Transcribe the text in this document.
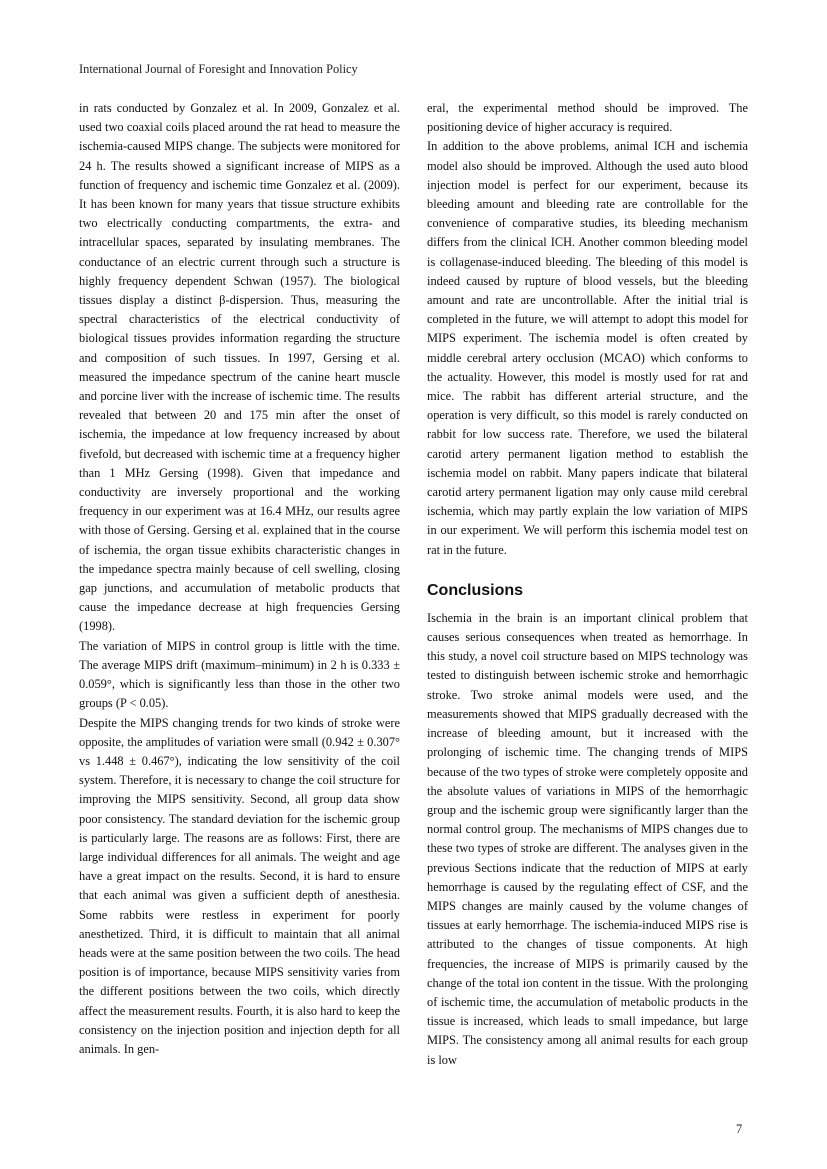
International Journal of Foresight and Innovation Policy

in rats conducted by Gonzalez et al. In 2009, Gonzalez et al. used two coaxial coils placed around the rat head to measure the ischemia-caused MIPS change. The subjects were monitored for 24 h. The results showed a significant increase of MIPS as a function of frequency and ischemic time Gonzalez et al. (2009). It has been known for many years that tissue structure exhibits two electrically conducting compartments, the extra- and intracellular spaces, separated by insulating membranes. The conductance of an electric current through such a structure is highly frequency dependent Schwan (1957). The biological tissues display a distinct β-dispersion. Thus, measuring the spectral characteristics of the electrical conductivity of biological tissues provides information regarding the structure and composition of such tissues. In 1997, Gersing et al. measured the impedance spectrum of the canine heart muscle and porcine liver with the increase of ischemic time. The results revealed that between 20 and 175 min after the onset of ischemia, the impedance at low frequency increased by about fivefold, but decreased with ischemic time at a frequency higher than 1 MHz Gersing (1998). Given that impedance and conductivity are inversely proportional and the working frequency in our experiment was at 16.4 MHz, our results agree with those of Gersing. Gersing et al. explained that in the course of ischemia, the organ tissue exhibits characteristic changes in the impedance spectra mainly because of cell swelling, closing gap junctions, and accumulation of metabolic products that cause the impedance decrease at high frequencies Gersing (1998).

The variation of MIPS in control group is little with the time. The average MIPS drift (maximum–minimum) in 2 h is 0.333 ± 0.059°, which is significantly less than those in the other two groups (P < 0.05).

Despite the MIPS changing trends for two kinds of stroke were opposite, the amplitudes of variation were small (0.942 ± 0.307° vs 1.448 ± 0.467°), indicating the low sensitivity of the coil system. Therefore, it is necessary to change the coil structure for improving the MIPS sensitivity. Second, all group data show poor consistency. The standard deviation for the ischemic group is particularly large. The reasons are as follows: First, there are large individual differences for all animals. The weight and age have a great impact on the results. Second, it is hard to ensure that each animal was given a sufficient depth of anesthesia. Some rabbits were restless in experiment for poorly anesthetized. Third, it is difficult to maintain that all animal heads were at the same position between the two coils. The head position is of importance, because MIPS sensitivity varies from the different positions between the two coils, which directly affect the measurement results. Fourth, it is also hard to keep the consistency on the injection position and injection depth for all animals. In gen-

eral, the experimental method should be improved. The positioning device of higher accuracy is required.

In addition to the above problems, animal ICH and ischemia model also should be improved. Although the used auto blood injection model is perfect for our experiment, because its bleeding amount and bleeding rate are controllable for the convenience of comparative studies, its bleeding mechanism differs from the clinical ICH. Another common bleeding model is collagenase-induced bleeding. The bleeding of this model is indeed caused by rupture of blood vessels, but the bleeding amount and rate are uncontrollable. After the initial trial is completed in the future, we will attempt to adopt this model for MIPS experiment. The ischemia model is often created by middle cerebral artery occlusion (MCAO) which conforms to the actuality. However, this model is mostly used for rat and mice. The rabbit has different arterial structure, and the operation is very difficult, so this model is rarely conducted on rabbit for low success rate. Therefore, we used the bilateral carotid artery permanent ligation method to establish the ischemia model on rabbit. Many papers indicate that bilateral carotid artery permanent ligation may only cause mild cerebral ischemia, which may partly explain the low variation of MIPS in our experiment. We will perform this ischemia model test on rat in the future.

Conclusions

Ischemia in the brain is an important clinical problem that causes serious consequences when treated as hemorrhage. In this study, a novel coil structure based on MIPS technology was tested to distinguish between ischemic stroke and hemorrhagic stroke. Two stroke animal models were used, and the measurements showed that MIPS gradually decreased with the increase of bleeding amount, but it increased with the prolonging of ischemic time. The changing trends of MIPS because of the two types of stroke were completely opposite and the absolute values of variations in MIPS of the hemorrhagic group and the ischemic group were significantly larger than the normal control group. The mechanisms of MIPS changes due to these two types of stroke are different. The analyses given in the previous Sections indicate that the reduction of MIPS at early hemorrhage is caused by the regulating effect of CSF, and the MIPS changes are mainly caused by the volume changes of tissues at early hemorrhage. The ischemia-induced MIPS rise is attributed to the changes of tissue components. At high frequencies, the increase of MIPS is primarily caused by the change of the total ion content in the tissue. With the prolonging of ischemic time, the accumulation of metabolic products in the tissue is increased, which leads to small impedance, but large MIPS. The consistency among all animal results for each group is low

7
